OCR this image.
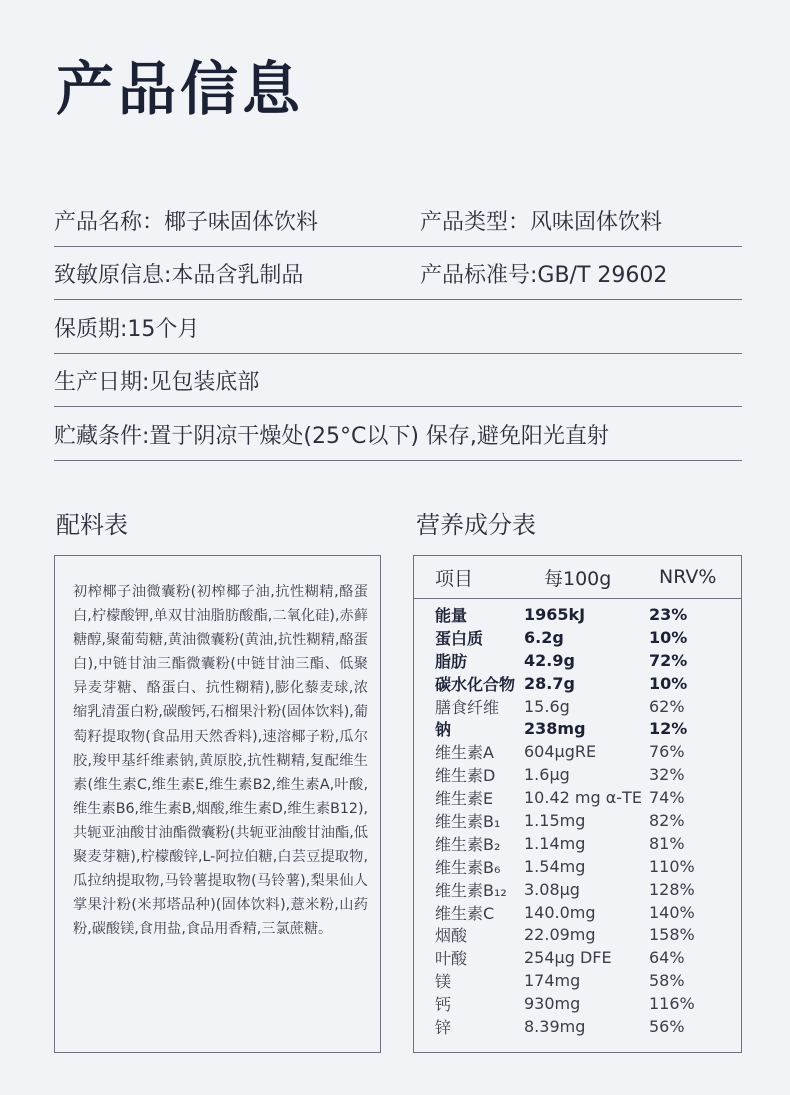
产品信息
产品名称：椰子味固体饮料	产品类型：风味固体饮料
致敏原信息:本品含乳制品	产品标准号:GB/T 29602
保质期:15个月
生产日期:见包装底部
贮藏条件:置于阴凉干燥处(25°C以下) 保存,避免阳光直射
配料表	营养成分表
初榨椰子油微囊粉(初榨椰子油,抗性糊精,酪蛋白,柠檬酸钾,单双甘油脂肪酸酯,二氧化硅),赤藓糖醇,聚葡萄糖,黄油微囊粉(黄油,抗性糊精,酪蛋白),中链甘油三酯微囊粉(中链甘油三酯、低聚异麦芽糖、酪蛋白、抗性糊精),膨化藜麦球,浓缩乳清蛋白粉,碳酸钙,石榴果汁粉(固体饮料),葡萄籽提取物(食品用天然香料),速溶椰子粉,瓜尔胶,羧甲基纤维素钠,黄原胶,抗性糊精,复配维生素(维生素C,维生素E,维生素B2,维生素A,叶酸,维生素B6,维生素B,烟酸,维生素D,维生素B12),共轭亚油酸甘油酯微囊粉(共轭亚油酸甘油酯,低聚麦芽糖),柠檬酸锌,L-阿拉伯糖,白芸豆提取物,瓜拉纳提取物,马铃薯提取物(马铃薯),梨果仙人掌果汁粉(米邦塔品种)(固体饮料),薏米粉,山药粉,碳酸镁,食用盐,食品用香精,三氯蔗糖。
项目	每100g	NRV%
能量	1965kJ	23%
蛋白质	6.2g	10%
脂肪	42.9g	72%
碳水化合物 28.7g	10%
膳食纤维	15.6g	62%
钠	238mg	12%
维生素A	604μgRE	76%
维生素D	1.6μg	32%
维生素E	10.42 mg α-TE 74%
维生素B₁	1.15mg	82%
维生素B₂	1.14mg	81%
维生素B₆	1.54mg	110%
维生素B₁₂	3.08μg	128%
维生素C	140.0mg	140%
烟酸	22.09mg	158%
叶酸	254μg DFE	64%
镁	174mg	58%
钙	930mg	116%
锌	8.39mg	56%
